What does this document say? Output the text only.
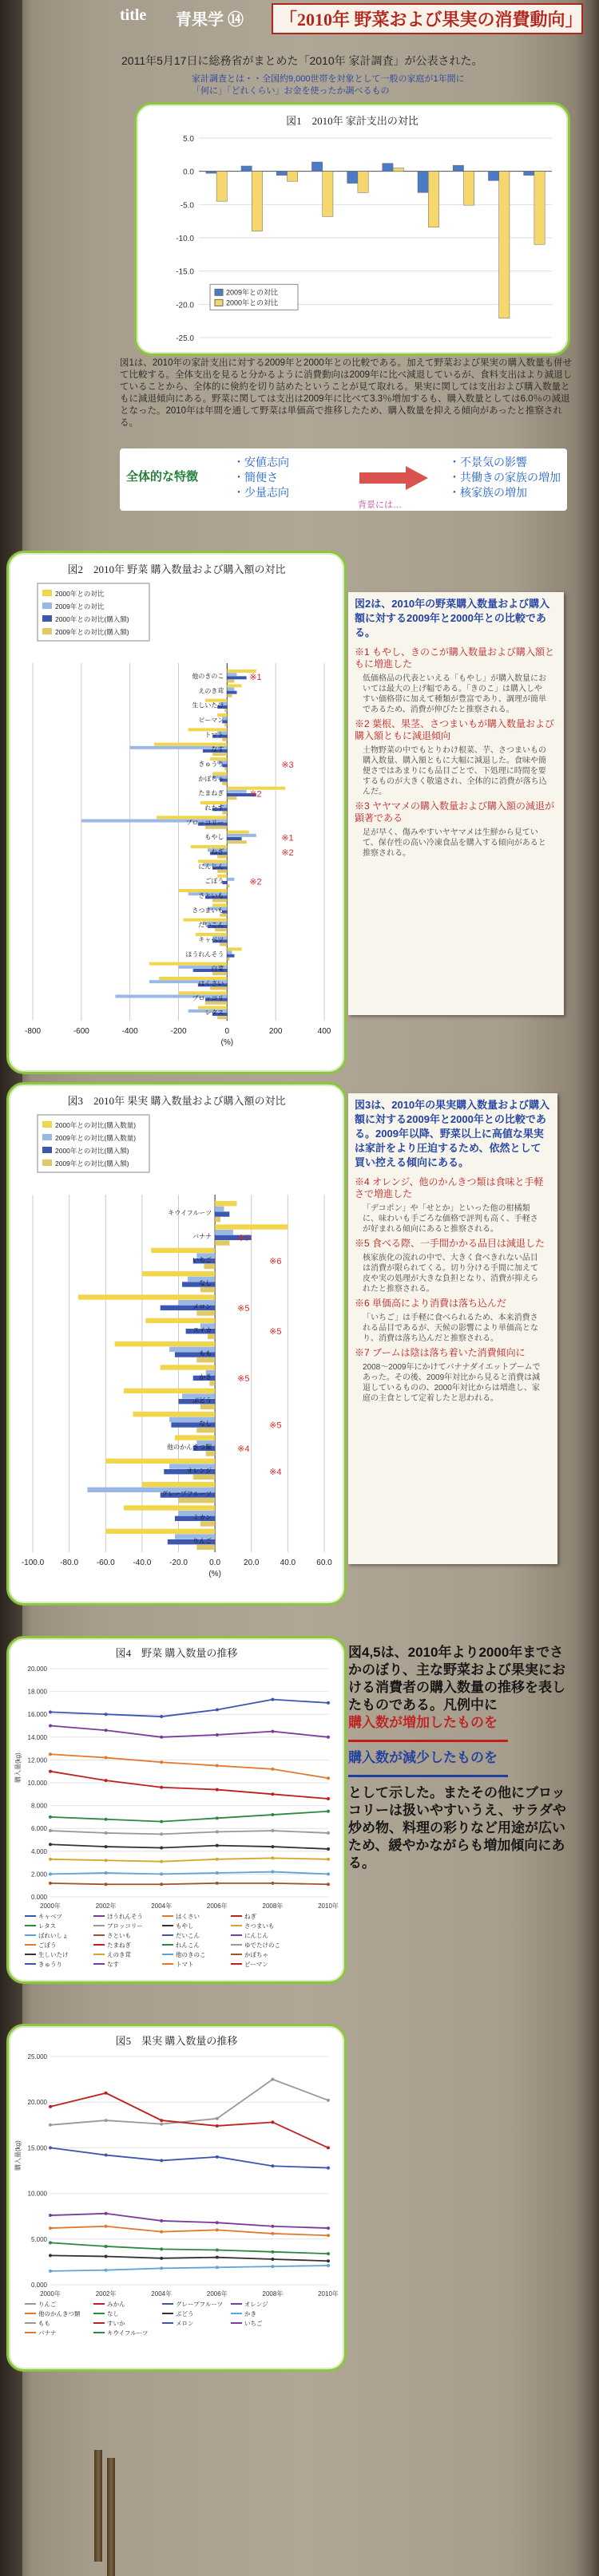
title 青果学 ⑭	「2010年 野菜および果実の消費動向」
2011年5月17日に総務省がまとめた「2010年 家計調査」が公表された。
家計調査とは・・全国約9,000世帯を対象として一般の家庭が1年間に
「何に」「どれくらい」お金を使ったか調べるもの
図1　2010年 家計支出の対比
5.0
0.0
-5.0
-10.0
-15.0
-20.0
-25.0
2009年との対比
2000年との対比
図1は、2010年の家計支出に対する2009年と2000年との比較である。加えて野菜および果実の購入数量も併せて比較する。全体支出を見ると分かるように消費動向は2009年に比べ減退しているが、食料支出はより減退していることから、全体的に倹約を切り詰めたということが見て取れる。果実に関しては支出および購入数量ともに減退傾向にある。野菜に関しては支出は2009年に比べて3.3％増加するも、購入数量としては6.0％の減退となった。2010年は年間を通して野菜は単価高で推移したため、購入数量を抑える傾向があったと推察される。
全体的な特徴
・安値志向
・簡便さ
・少量志向
背景には…
・不景気の影響
・共働きの家族の増加
・核家族の増加
図2　2010年 野菜 購入数量および購入額の対比
-800	-600	-400	-200	0	200	400
(%)
他のきのこ
えのき茸
生しいたけ
ピーマン
トマト
なす
きゅうり
かぼちゃ
たまねぎ
れたす
ブロッコリー
もやし
ねぎ
にんじん
ごぼう
さといも
さつまいも
だいこん
キャベツ
ほうれんそう
白菜
はくさい
ブロッコリ
レタス
※1
※3
※2
※2
※2
※1
2000年との対比
2009年との対比
2000年との対比(購入額)
2009年との対比(購入額)
図2は、2010年の野菜購入数量および購入額に対する2009年と2000年との比較である。
※1 もやし、きのこが購入数量および購入額ともに増進した
低価格品の代表といえる「もやし」が購入数量においては最大の上げ幅である。「きのこ」は購入しやすい価格帯に加えて種類が豊富であり、調理が簡単であるため、消費が伸びたと推察される。
※2 葉根、果茎、さつまいもが購入数量および購入額ともに減退傾向
土物野菜の中でもとりわけ根菜、芋、さつまいもの購入数量、購入額ともに大幅に減退した。食味や簡便さではあまりにも品目ごとで、下処理に時間を要するものが大きく敬遠され、全体的に消費が落ち込んだ。
※3 ヤヤマメの購入数量および購入額の減退が顕著である
足が早く、傷みやすいヤヤマメは生鮮から見ていて、保存性の高い冷凍食品を購入する傾向があると推察される。
図3　2010年 果実 購入数量および購入額の対比
-100.0 -80.0 -60.0 -40.0 -20.0	0.0	20.0	40.0	60.0
(%)
キウイフルーツ
バナナ
いちご
なし
メロン
スイカ
もも
かき
ぶどう
なし
他のかんきつ類
オレンジ
グレープフルーツ
ミカン
りんご
※7
※6
※5
※5
※5
※5
※4
※4
2000年との対比(購入数量)
2009年との対比(購入数量)
2000年との対比(購入額)
2009年との対比(購入額)
図3は、2010年の果実購入数量および購入額に対する2009年と2000年との比較である。2009年以降、野菜以上に高値な果実は家計をより圧迫するため、依然として買い控える傾向にある。
※4 オレンジ、他のかんきつ類は食味と手軽さで増進した
「デコポン」や「せとか」といった他の柑橘類に、味わいも手ごろな価格で評判も高く、手軽さが好まれる傾向にあると推察される。
※5 食べる際、一手間かかる品目は減退した
核家族化の流れの中で、大きく食べきれない品目は消費が限られてくる。切り分ける手間に加えて皮や実の処理が大きな負担となり、消費が抑えられたと推察される。
※6 単価高により消費は落ち込んだ
「いちご」は手軽に食べられるため、本来消費される品目であるが、天候の影響により単価高となり、消費は落ち込んだと推察される。
※7 ブームは陰は落ち着いた消費傾向に
2008～2009年にかけてバナナダイエットブームであった。その後、2009年対比から見ると消費は減退しているものの、2000年対比からは増進し、家庭の主食として定着したと思われる。
図4　野菜 購入数量の推移
20.000
18.000
16.000
14.000
12.000
10.000
8.000
6.000
4.000
2.000
0.000
2000年	2002年	2004年	2006年	2008年	2010年
購入量(kg)
キャベツ	ほうれんそう	はくさい	ねぎ
レタス	ブロッコリー	もやし	さつまいも
ばれいしょ	さといも	だいこん	にんじん
ごぼう	たまねぎ	れんこん	ゆでたけのこ
生しいたけ	えのき茸	他のきのこ	かぼちゃ
きゅうり	なす	トマト	ピーマン
図4,5は、2010年より2000年までさかのぼり、主な野菜および果実における消費者の購入数量の推移を表したものである。凡例中に
購入数が増加したものを

購入数が減少したものを

として示した。またその他にブロッコリーは扱いやすいうえ、サラダや炒め物、料理の彩りなど用途が広いため、緩やかながらも増加傾向にある。
図5　果実 購入数量の推移
25.000
20.000
15.000
10.000
5.000
0.000
2000年	2002年	2004年	2006年	2008年	2010年
購入量(kg)
りんご	みかん	グレープフルーツ	オレンジ
他のかんきつ類	なし	ぶどう	かき
もも	すいか	メロン	いちご
バナナ	キウイフルーツ
